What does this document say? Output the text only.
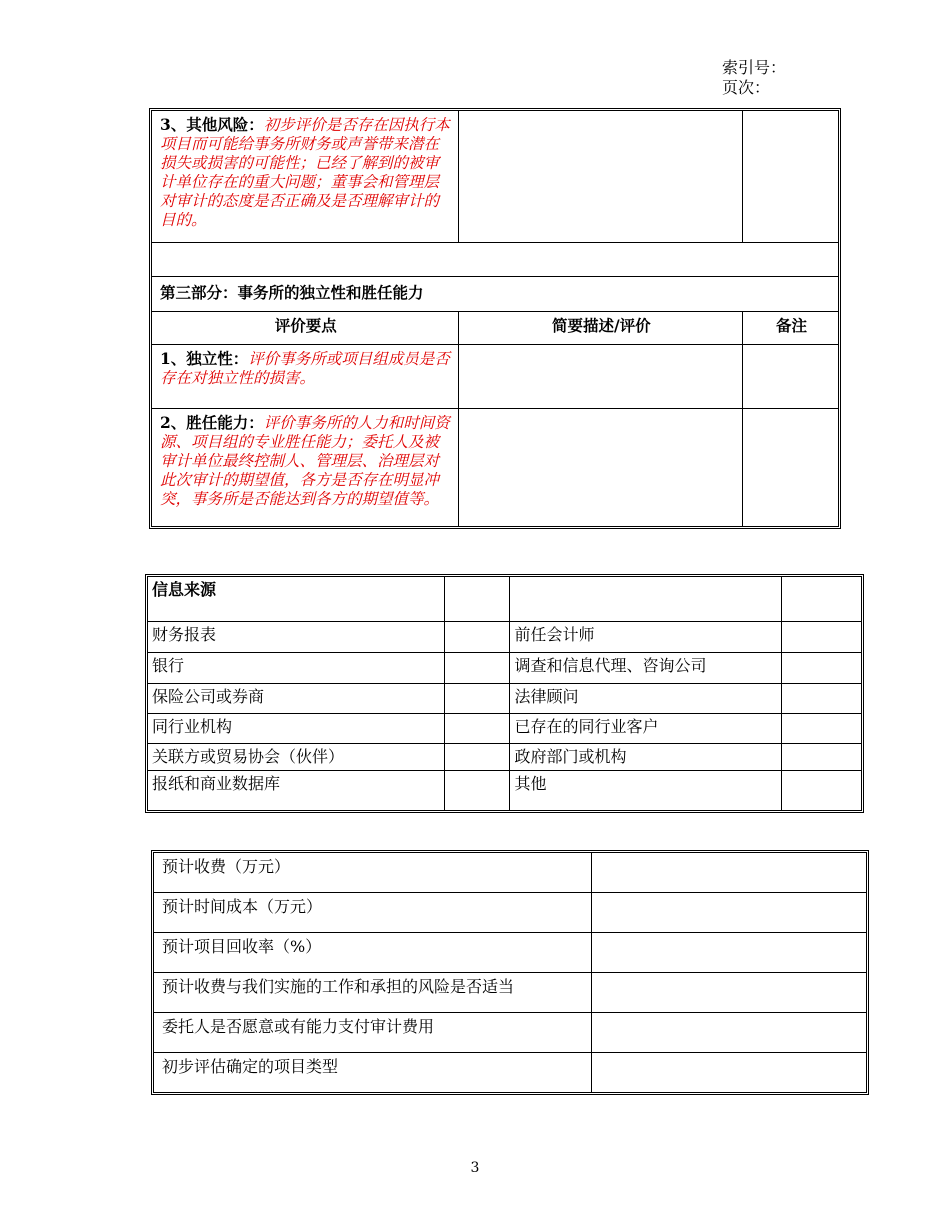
索引号：
页次：
3、其他风险：初步评价是否存在因执行本项目而可能给事务所财务或声誉带来潜在损失或损害的可能性；已经了解到的被审计单位存在的重大问题；董事会和管理层对审计的态度是否正确及是否理解审计的目的。		

第三部分：事务所的独立性和胜任能力		
评价要点	简要描述/评价	备注
1、独立性：评价事务所或项目组成员是否存在对独立性的损害。		
2、胜任能力：评价事务所的人力和时间资源、项目组的专业胜任能力；委托人及被审计单位最终控制人、管理层、治理层对此次审计的期望值，各方是否存在明显冲突，事务所是否能达到各方的期望值等。		
信息来源			
财务报表		前任会计师	
银行		调查和信息代理、咨询公司	
保险公司或券商		法律顾问	
同行业机构		已存在的同行业客户	
关联方或贸易协会（伙伴）		政府部门或机构	
报纸和商业数据库		其他	
预计收费（万元）	
预计时间成本（万元）	
预计项目回收率（%）	
预计收费与我们实施的工作和承担的风险是否适当	
委托人是否愿意或有能力支付审计费用	
初步评估确定的项目类型	
3
